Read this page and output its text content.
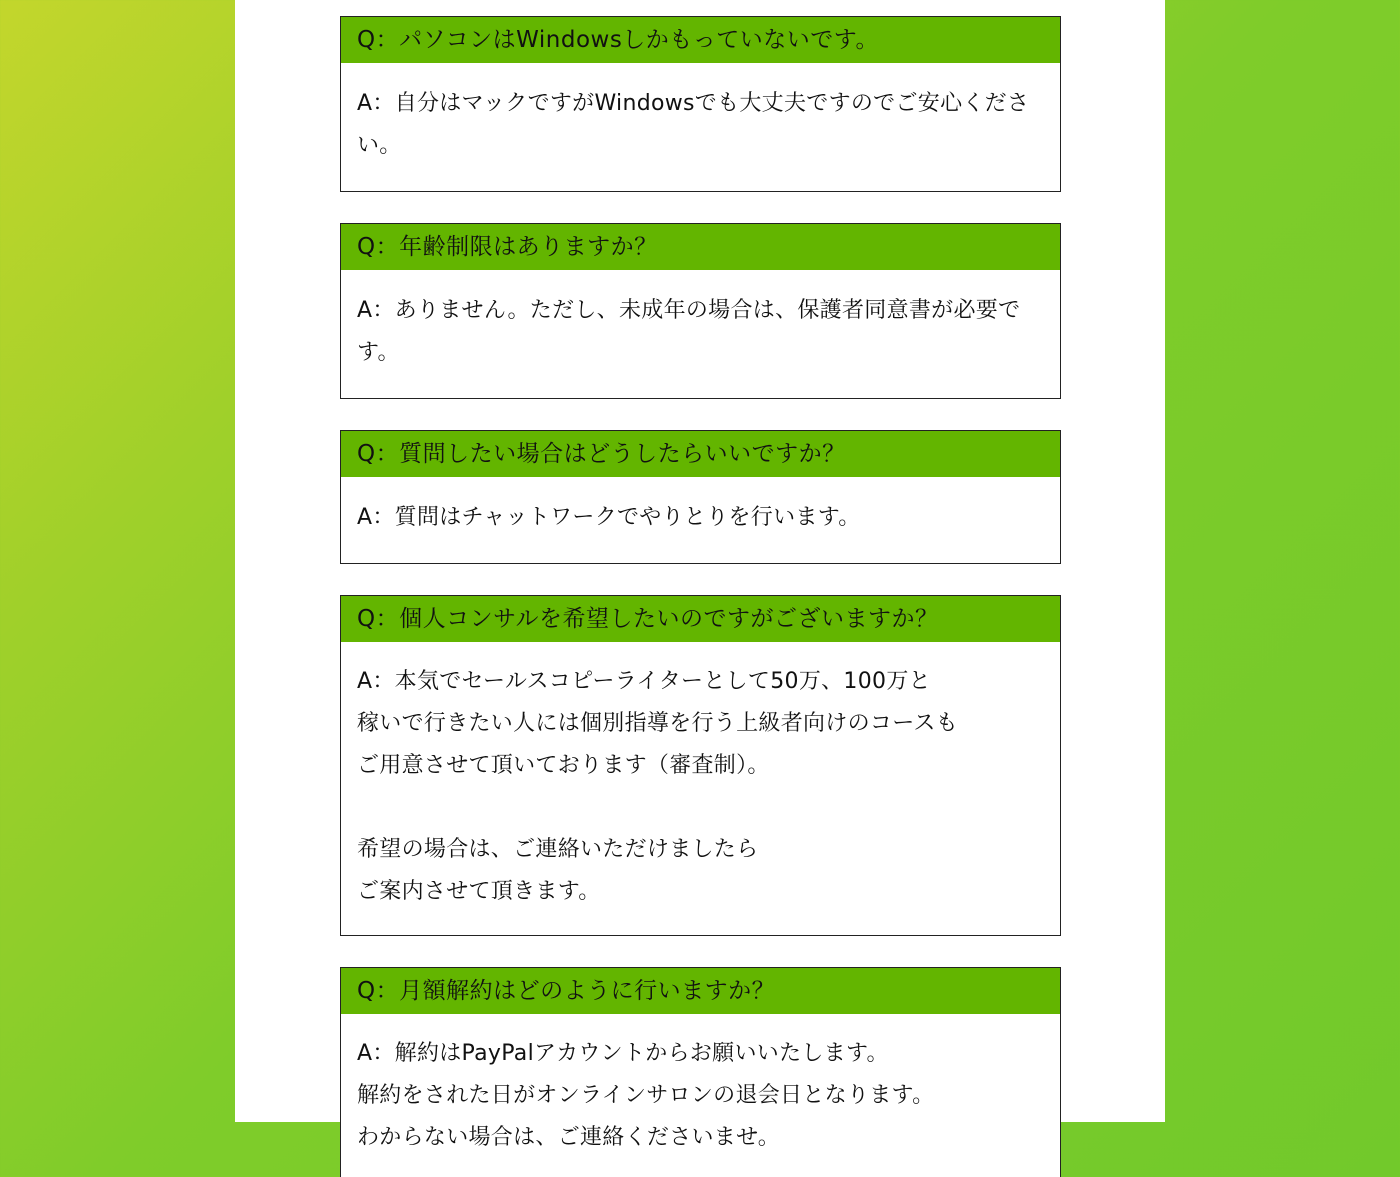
Q：パソコンはWindowsしかもっていないです。
A：自分はマックですがWindowsでも大丈夫ですのでご安心ください。
Q：年齢制限はありますか？
A：ありません。ただし、未成年の場合は、保護者同意書が必要です。
Q：質問したい場合はどうしたらいいですか？
A：質問はチャットワークでやりとりを行います。
Q：個人コンサルを希望したいのですがございますか？
A：本気でセールスコピーライターとして50万、100万と
稼いで行きたい人には個別指導を行う上級者向けのコースも
ご用意させて頂いております（審査制）。

希望の場合は、ご連絡いただけましたら
ご案内させて頂きます。
Q：月額解約はどのように行いますか？
A：解約はPayPalアカウントからお願いいたします。
解約をされた日がオンラインサロンの退会日となります。
わからない場合は、ご連絡くださいませ。
